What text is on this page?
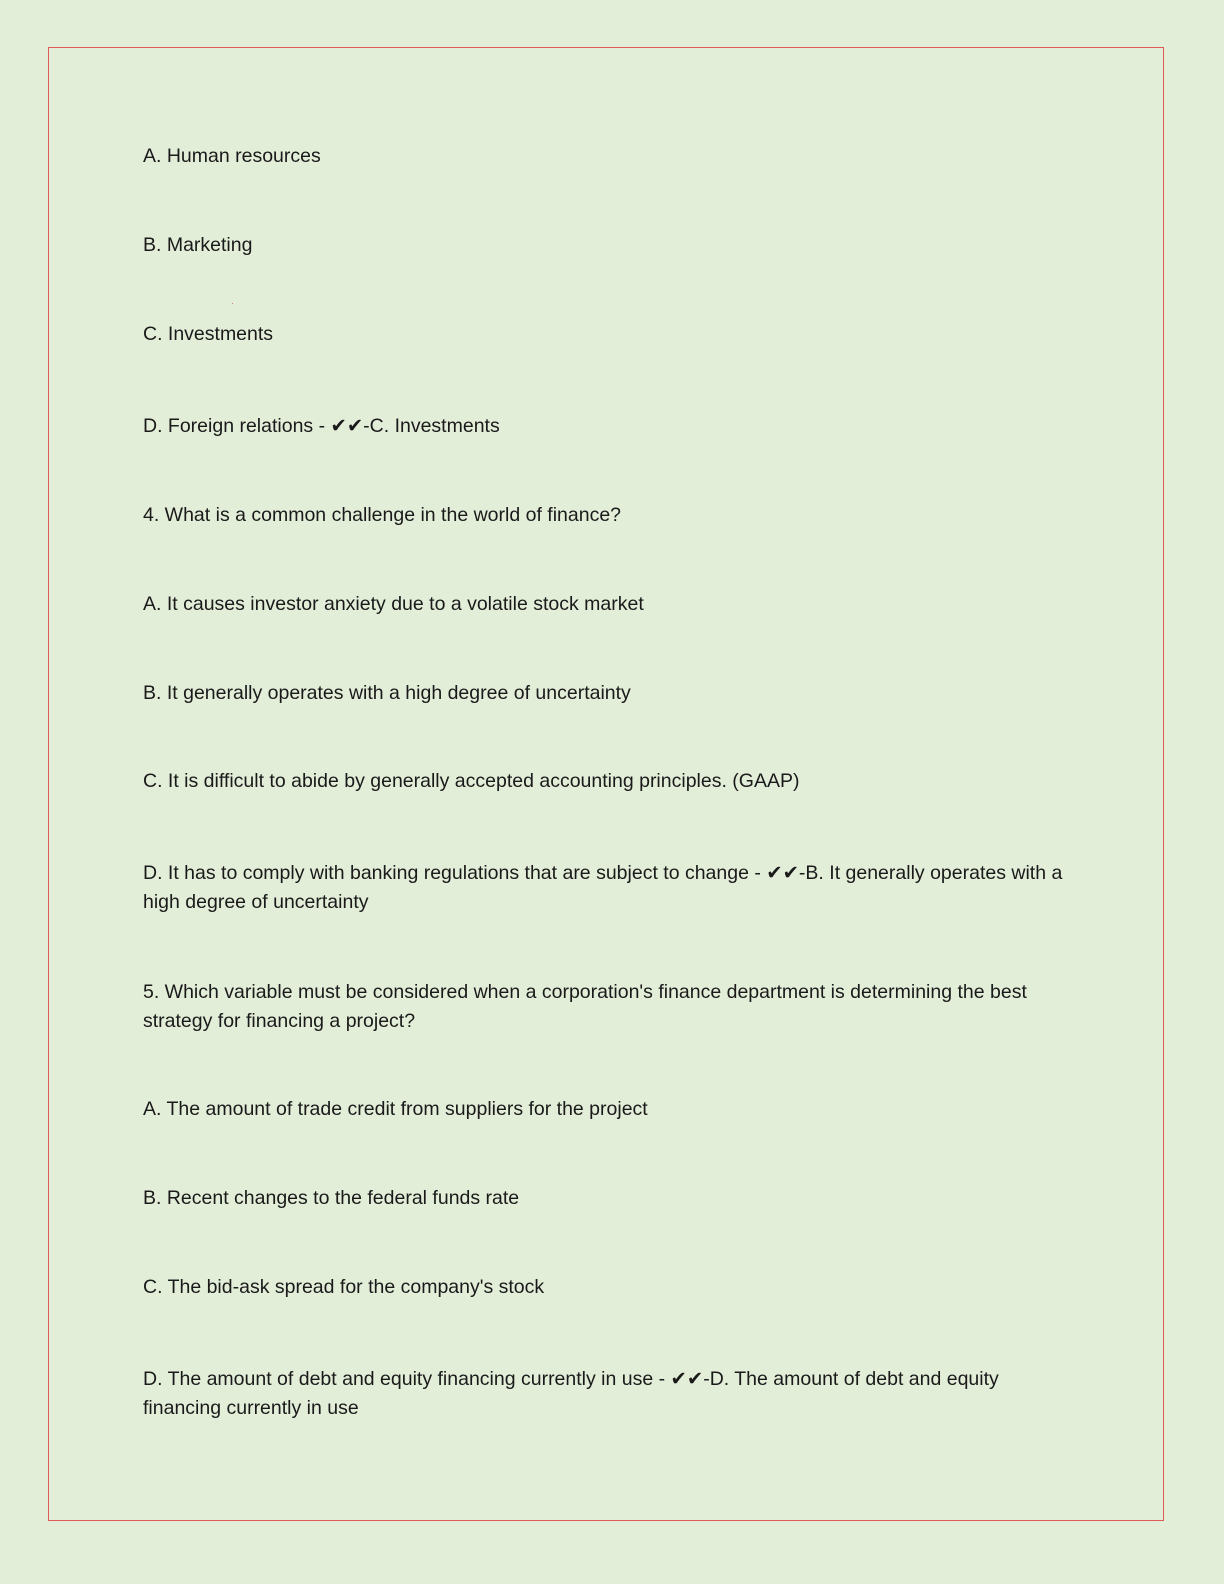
A. Human resources
B. Marketing
C. Investments
D. Foreign relations - ✔✔-C. Investments
4. What is a common challenge in the world of finance?
A. It causes investor anxiety due to a volatile stock market
B. It generally operates with a high degree of uncertainty
C. It is difficult to abide by generally accepted accounting principles. (GAAP)
D. It has to comply with banking regulations that are subject to change - ✔✔-B. It generally operates with a high degree of uncertainty
5. Which variable must be considered when a corporation's finance department is determining the best strategy for financing a project?
A. The amount of trade credit from suppliers for the project
B. Recent changes to the federal funds rate
C. The bid-ask spread for the company's stock
D. The amount of debt and equity financing currently in use - ✔✔-D. The amount of debt and equity financing currently in use
